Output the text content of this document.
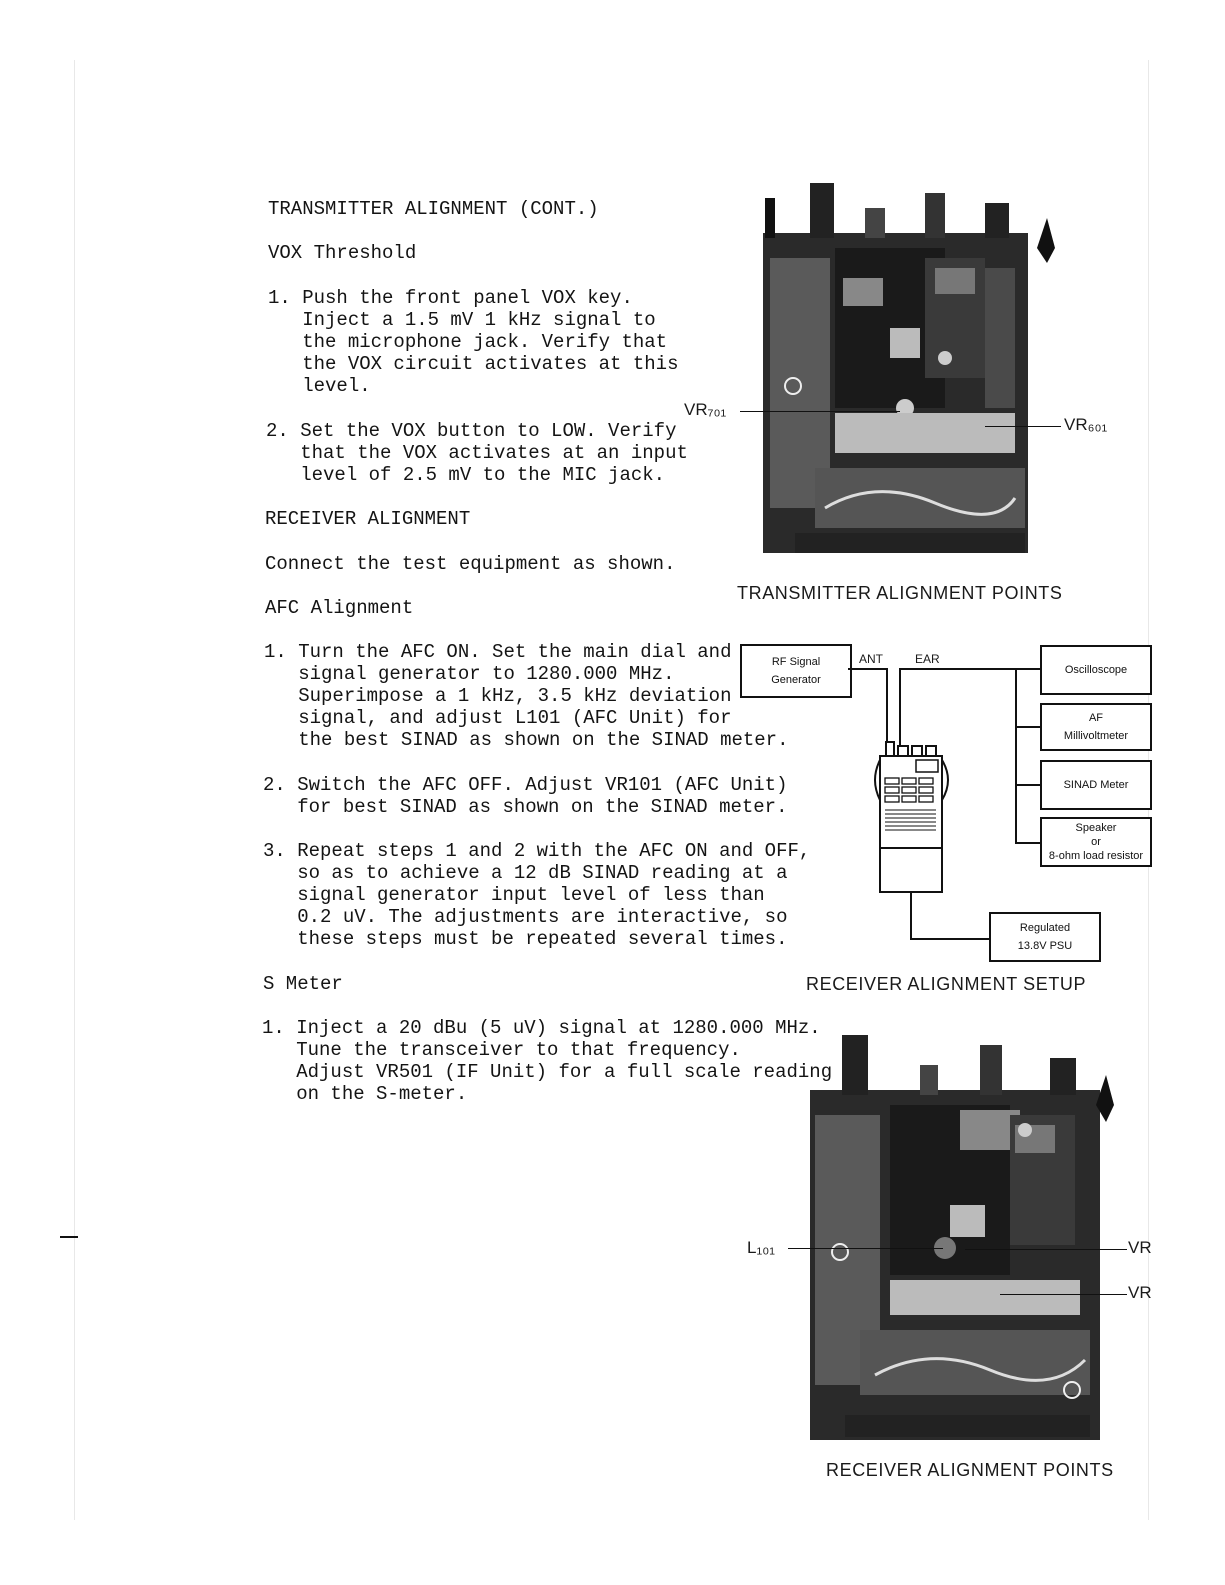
TRANSMITTER ALIGNMENT (CONT.)
VOX Threshold
1. Push the front panel VOX key.
Inject a 1.5 mV 1 kHz signal to
the microphone jack. Verify that
the VOX circuit activates at this
level.
2. Set the VOX button to LOW. Verify
that the VOX activates at an input
level of 2.5 mV to the MIC jack.
RECEIVER ALIGNMENT
Connect the test equipment as shown.
AFC Alignment
1. Turn the AFC ON. Set the main dial and
signal generator to 1280.000 MHz.
Superimpose a 1 kHz, 3.5 kHz deviation
signal, and adjust L101 (AFC Unit) for
the best SINAD as shown on the SINAD meter.
2. Switch the AFC OFF. Adjust VR101 (AFC Unit)
for best SINAD as shown on the SINAD meter.
3. Repeat steps 1 and 2 with the AFC ON and OFF,
so as to achieve a 12 dB SINAD reading at a
signal generator input level of less than
0.2 uV. The adjustments are interactive, so
these steps must be repeated several times.
S Meter
1. Inject a 20 dBu (5 uV) signal at 1280.000 MHz.
Tune the transceiver to that frequency.
Adjust VR501 (IF Unit) for a full scale reading
on the S-meter.
VR₇₀₁
VR₆₀₁
TRANSMITTER ALIGNMENT POINTS
RF Signal
Generator
ANT	EAR
Oscilloscope
AF
Millivoltmeter
SINAD Meter
Speaker
or
8-ohm load resistor
Regulated
13.8V PSU
RECEIVER ALIGNMENT SETUP
L₁₀₁	VR
VR
RECEIVER ALIGNMENT POINTS
